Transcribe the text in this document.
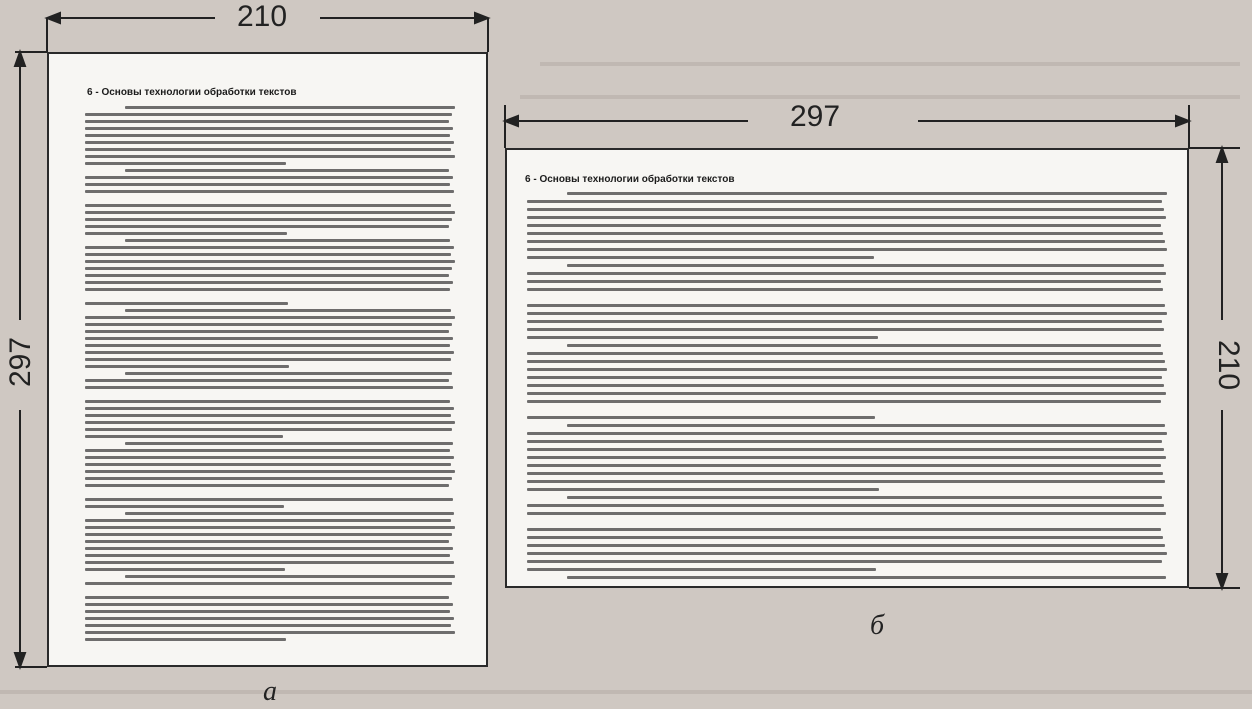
210
297
297
210
6 - Основы технологии обработки текстов
6 - Основы технологии обработки текстов
а
б
